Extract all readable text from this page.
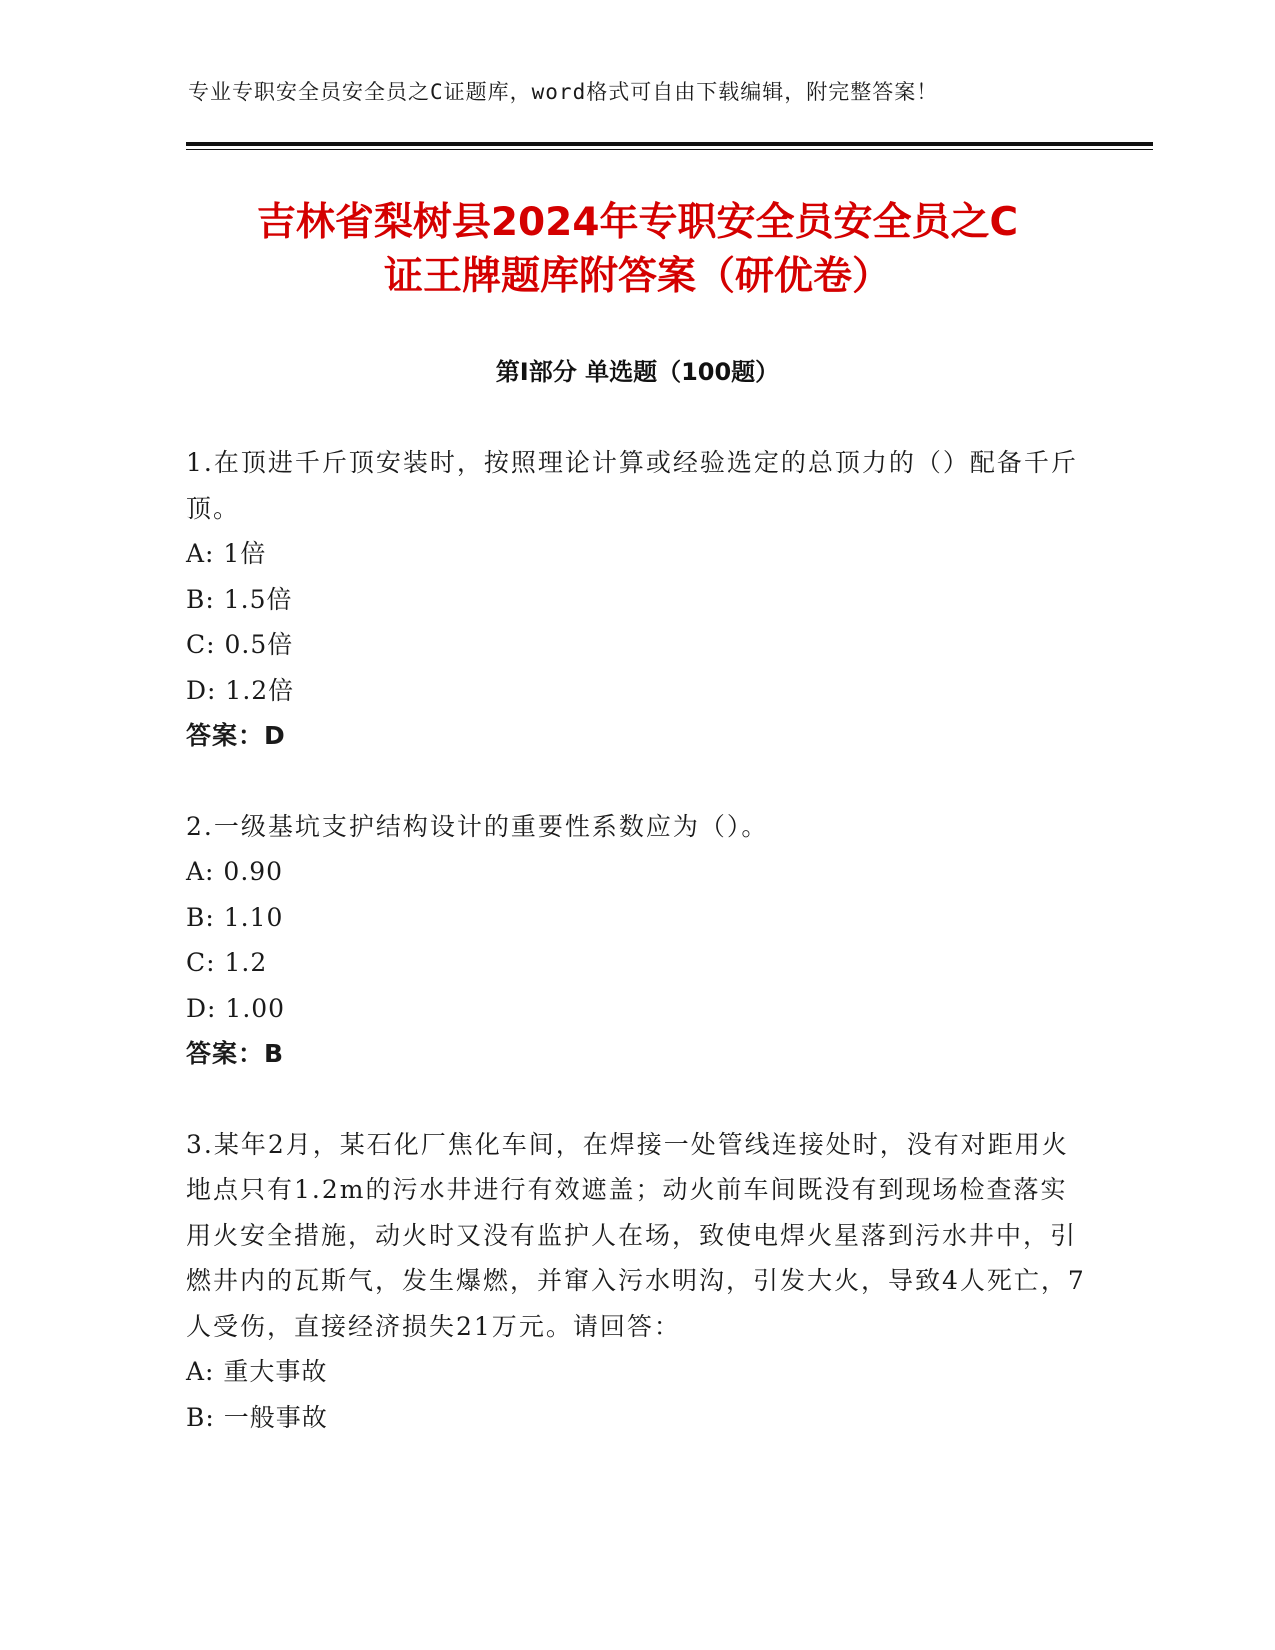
专业专职安全员安全员之C证题库，word格式可自由下载编辑，附完整答案！
吉林省梨树县2024年专职安全员安全员之C
证王牌题库附答案（研优卷）
第Ⅰ部分 单选题（100题）
1.在顶进千斤顶安装时，按照理论计算或经验选定的总顶力的（）配备千斤顶。
A: 1倍
B: 1.5倍
C: 0.5倍
D: 1.2倍
答案：D
2.一级基坑支护结构设计的重要性系数应为（）。
A: 0.90
B: 1.10
C: 1.2
D: 1.00
答案：B
3.某年2月，某石化厂焦化车间，在焊接一处管线连接处时，没有对距用火地点只有1.2m的污水井进行有效遮盖；动火前车间既没有到现场检查落实用火安全措施，动火时又没有监护人在场，致使电焊火星落到污水井中，引燃井内的瓦斯气，发生爆燃，并窜入污水明沟，引发大火，导致4人死亡，7人受伤，直接经济损失21万元。请回答：
A: 重大事故
B: 一般事故
